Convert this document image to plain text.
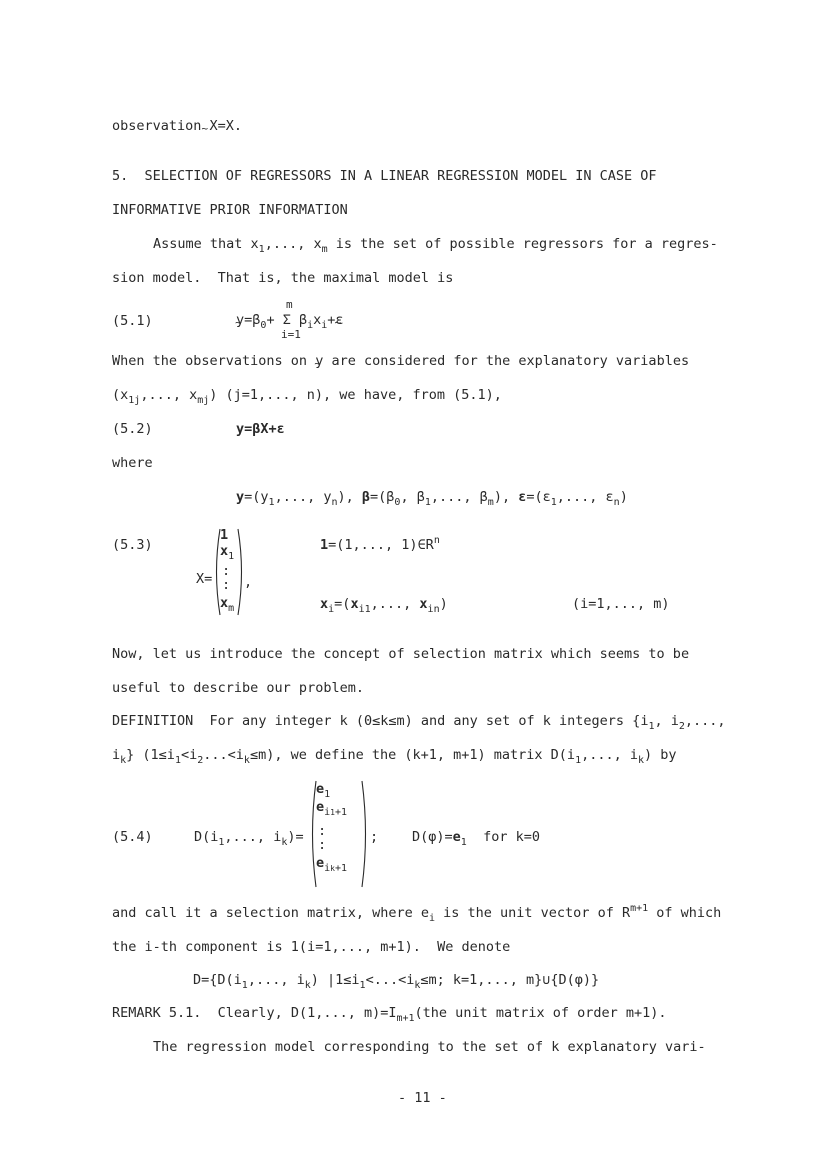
observation X=X.
5.  SELECTION OF REGRESSORS IN A LINEAR REGRESSION MODEL IN CASE OF
INFORMATIVE PRIOR INFORMATION
Assume that $x_1$,..., $x_m$ is the set of possible regressors for a regres-
sion model.  That is, the maximal model is
(5.1)
m
$y=\beta_0+ \Sigma$ $\beta_ix_i+\varepsilon$
i=1
When the observations on y are considered for the explanatory variables
($x_{1j}$,..., $x_{mj}$) (j=1,..., n), we have, from (5.1),
(5.2)	y=βX+ε
where
$y=(y_1$,..., $y_n$), $\beta=(\beta_0$, $\beta_1$,..., $\beta_m$), $\varepsilon=(\varepsilon_1$,..., $\varepsilon_n$)
(5.3)
X=
1
$x_1$
:
:
$x_m$
,
1=(1,..., $1)\in R^n$
$x_i=(x_{i1}$,..., $x_{in}$)	(i=1,..., m)
Now, let us introduce the concept of selection matrix which seems to be
useful to describe our problem.
DEFINITION For any integer k (0≤k≤m) and any set of k integers {$i_1$, $i_2$,...,
$i_k$} $(1\le i_1<i_2...<i_k\le m)$, we define the (k+1, m+1) matrix $D(i_1$,..., $i_k$) by
(5.4)	$D(i_1$,..., $i_k)=$
$e_1$
$e_{i1+1}$
:
:
$e_{ik+1}$
;	$D(\varphi)=e_1$  for k=0
and call it a selection matrix, where $e_i$ is the unit vector of $R^{m+1}$ of which
the i-th component is 1(i=1,..., m+1).  We denote
$D=\{D(i_1$,..., $i_k$) $|1\le i_1<...<i_k\le m$; k=1,..., m}∪{D(φ)}
REMARK 5.1. Clearly, D(1,..., $m)=I_{m+1}(the$ unit matrix of order m+1).
The regression model corresponding to the set of k explanatory vari-
- 11 -
